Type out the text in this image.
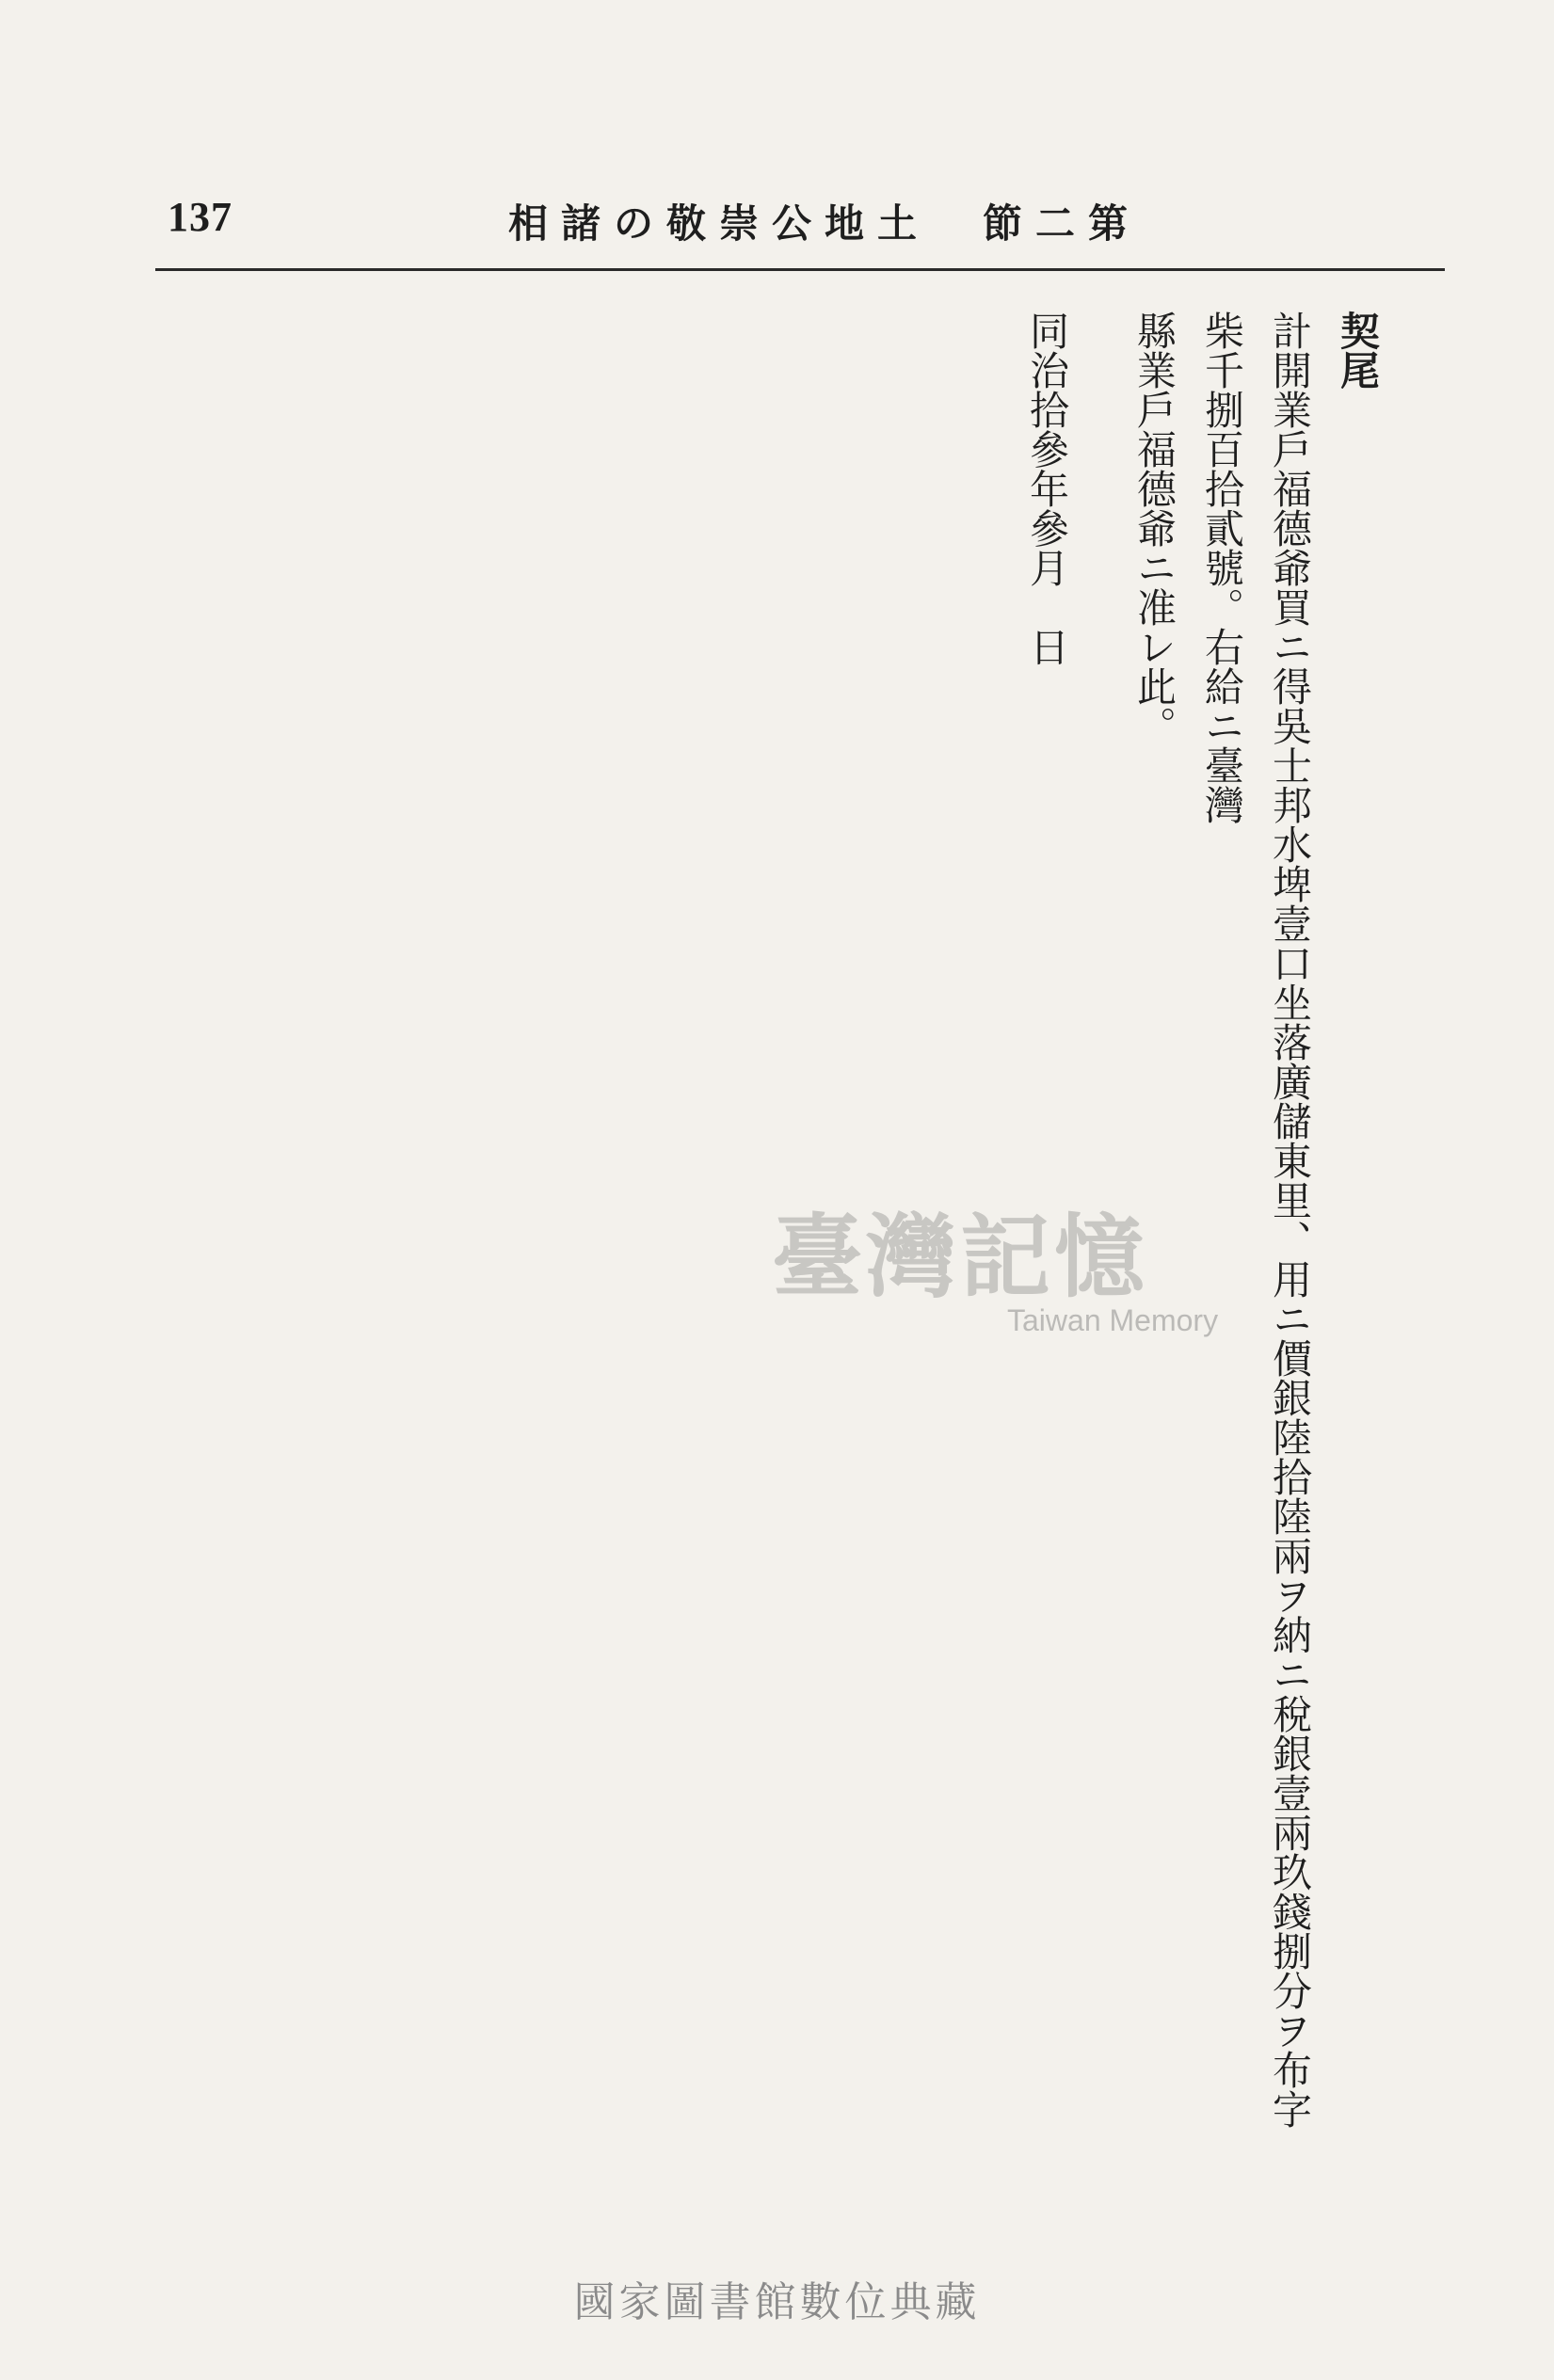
137	第二節　土地公崇敬の諸相

契尾

計開業戶福德爺買ニ得吳士邦水埤壹口坐落廣儲東里、用ニ價銀陸拾陸兩ヲ納ニ稅銀壹兩玖錢捌分ヲ布字柴千捌百拾貳號。右給ニ臺灣

縣業戶福德爺ニ准レ此。

同治拾參年參月　日

臺灣記憶
Taiwan Memory
國家圖書館數位典藏
